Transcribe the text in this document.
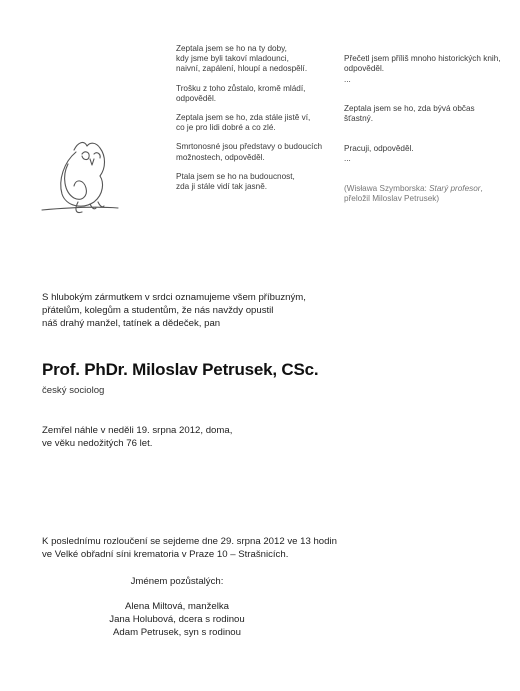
Zeptala jsem se ho na ty doby,
kdy jsme byli takoví mladounci,
naivní, zapálení, hloupí a nedospělí.

Trošku z toho zůstalo, kromě mládí,
odpověděl.

Zeptala jsem se ho, zda stále jistě ví,
co je pro lidi dobré a co zlé.

Smrtonosné jsou představy o budoucích
možnostech, odpověděl.

Ptala jsem se ho na budoucnost,
zda ji stále vidí tak jasně.

Přečetl jsem příliš mnoho historických knih,
odpověděl.

...

Zeptala jsem se ho, zda bývá občas
šťastný.

Pracuji, odpověděl.

...

(Wisława Szymborska: Starý profesor,
přeložil Miloslav Petrusek)
S hlubokým zármutkem v srdci oznamujeme všem příbuzným,
přátelům, kolegům a studentům, že nás navždy opustil
náš drahý manžel, tatínek a dědeček, pan
Prof. PhDr. Miloslav Petrusek, CSc.
český sociolog
Zemřel náhle v neděli 19. srpna 2012, doma,
ve věku nedožitých 76 let.
K poslednímu rozloučení se sejdeme dne 29. srpna 2012 ve 13 hodin
ve Velké obřadní síni krematoria v Praze 10 – Strašnicích.
Jménem pozůstalých:
Alena Miltová, manželka
Jana Holubová, dcera s rodinou
Adam Petrusek, syn s rodinou
